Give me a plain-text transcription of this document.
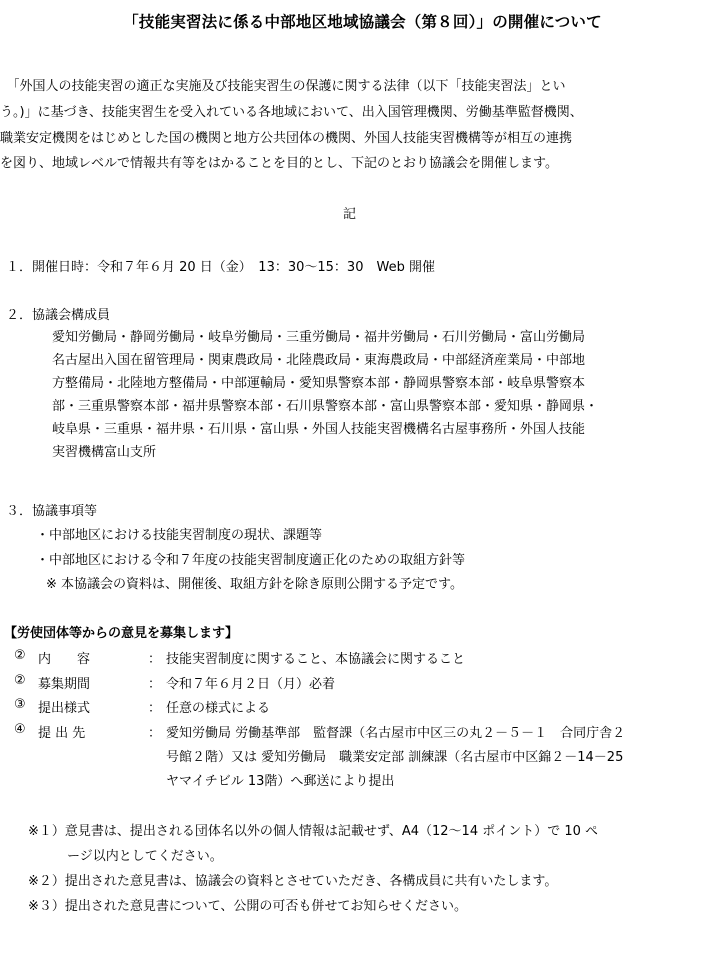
「技能実習法に係る中部地区地域協議会（第８回）」の開催について
　「外国人の技能実習の適正な実施及び技能実習生の保護に関する法律（以下「技能実習法」とい
う。)」に基づき、技能実習生を受入れている各地域において、出入国管理機関、労働基準監督機関、
職業安定機関をはじめとした国の機関と地方公共団体の機関、外国人技能実習機構等が相互の連携
を図り、地域レベルで情報共有等をはかることを目的とし、下記のとおり協議会を開催します。
記
１．開催日時：令和７年６月 20 日（金）　13：30～15：30　Web 開催
２．協議会構成員
愛知労働局・静岡労働局・岐阜労働局・三重労働局・福井労働局・石川労働局・富山労働局
名古屋出入国在留管理局・関東農政局・北陸農政局・東海農政局・中部経済産業局・中部地
方整備局・北陸地方整備局・中部運輸局・愛知県警察本部・静岡県警察本部・岐阜県警察本
部・三重県警察本部・福井県警察本部・石川県警察本部・富山県警察本部・愛知県・静岡県・
岐阜県・三重県・福井県・石川県・富山県・外国人技能実習機構名古屋事務所・外国人技能
実習機構富山支所
３．協議事項等
・中部地区における技能実習制度の現状、課題等
・中部地区における令和７年度の技能実習制度適正化のための取組方針等
※ 本協議会の資料は、開催後、取組方針を除き原則公開する予定です。
【労使団体等からの意見を募集します】
② 内　　容	： 技能実習制度に関すること、本協議会に関すること
② 募集期間	： 令和７年６月２日（月）必着
③ 提出様式	： 任意の様式による
④ 提 出 先	： 愛知労働局 労働基準部　監督課（名古屋市中区三の丸２－５－１　合同庁舎２
号館２階）又は 愛知労働局　職業安定部 訓練課（名古屋市中区錦２－14－25
ヤマイチビル 13階）へ郵送により提出
※１）意見書は、提出される団体名以外の個人情報は記載せず、A4（12～14 ポイント）で 10 ペ
　　　ージ以内としてください。
※２）提出された意見書は、協議会の資料とさせていただき、各構成員に共有いたします。
※３）提出された意見書について、公開の可否も併せてお知らせください。
